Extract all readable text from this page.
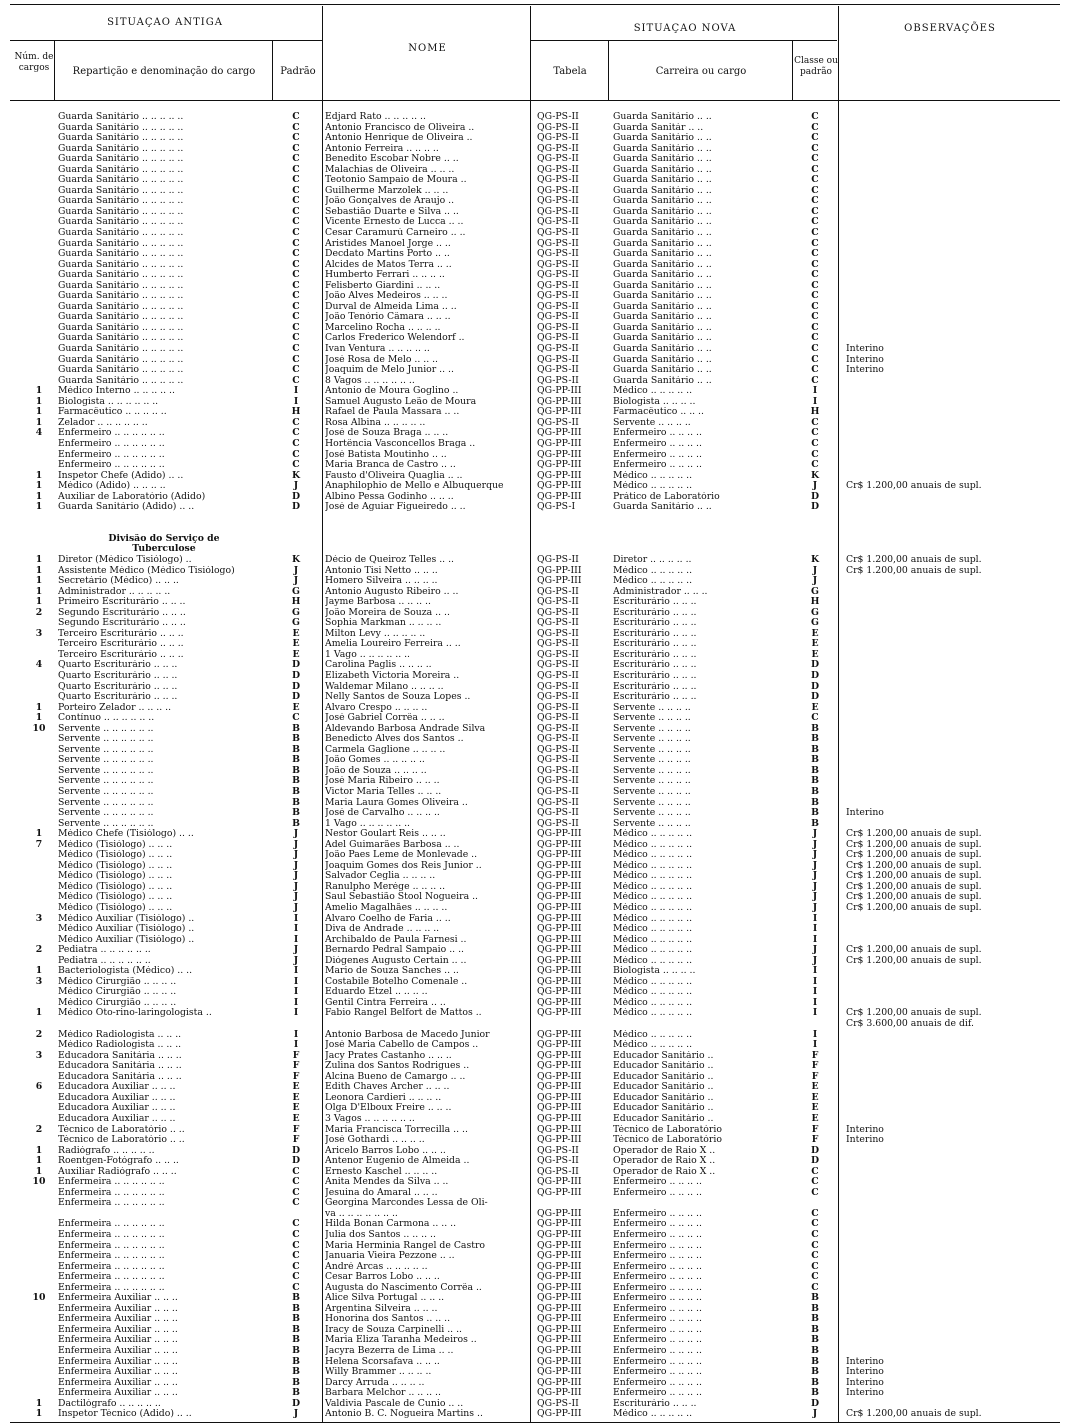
SITUAÇAO ANTIGA
NOME
SITUAÇAO NOVA	OBSERVAÇÕES
Núm. de cargos	Repartição e denominação do cargo	Padrão	Tabela	Carreira ou cargo
Classe ou padrão
Guarda Sanitário .. .. .. .. ..	C	Edjard Rato .. .. .. .. ..	QG-PS-II	Guarda Sanitário .. ..	C
Guarda Sanitário .. .. .. .. ..	C	Antonio Francisco de Oliveira ..	QG-PS-II	Guarda Sanitár .. ..	C
Guarda Sanitário .. .. .. .. ..	C	Antonio Henrique de Oliveira ..	QG-PS-II	Guarda Sanitário .. ..	C
Guarda Sanitário .. .. .. .. ..	C	Antonio Ferreira .. .. .. ..	QG-PS-II	Guarda Sanitário .. ..	C
Guarda Sanitário .. .. .. .. ..	C	Benedito Escobar Nobre .. ..	QG-PS-II	Guarda Sanitário .. ..	C
Guarda Sanitário .. .. .. .. ..	C	Malachias de Oliveira .. .. ..	QG-PS-II	Guarda Sanitário .. ..	C
Guarda Sanitário .. .. .. .. ..	C	Teotonio Sampaio de Moura ..	QG-PS-II	Guarda Sanitário .. ..	C
Guarda Sanitário .. .. .. .. ..	C	Guilherme Marzolek .. .. ..	QG-PS-II	Guarda Sanitário .. ..	C
Guarda Sanitário .. .. .. .. ..	C	João Gonçalves de Araujo ..	QG-PS-II	Guarda Sanitário .. ..	C
Guarda Sanitário .. .. .. .. ..	C	Sebastião Duarte e Silva .. ..	QG-PS-II	Guarda Sanitário .. ..	C
Guarda Sanitário .. .. .. .. ..	C	Vicente Ernesto de Lucca .. ..	QG-PS-II	Guarda Sanitário .. ..	C
Guarda Sanitário .. .. .. .. ..	C	Cesar Caramurú Carneiro .. ..	QG-PS-II	Guarda Sanitário .. ..	C
Guarda Sanitário .. .. .. .. ..	C	Aristides Manoel Jorge .. ..	QG-PS-II	Guarda Sanitário .. ..	C
Guarda Sanitário .. .. .. .. ..	C	Decdato Martins Porto .. ..	QG-PS-II	Guarda Sanitário .. ..	C
Guarda Sanitário .. .. .. .. ..	C	Alcides de Matos Terra .. ..	QG-PS-II	Guarda Sanitário .. ..	C
Guarda Sanitário .. .. .. .. ..	C	Humberto Ferrari .. .. .. ..	QG-PS-II	Guarda Sanitário .. ..	C
Guarda Sanitário .. .. .. .. ..	C	Felisberto Giardini .. .. ..	QG-PS-II	Guarda Sanitário .. ..	C
Guarda Sanitário .. .. .. .. ..	C	João Alves Medeiros .. .. ..	QG-PS-II	Guarda Sanitário .. ..	C
Guarda Sanitário .. .. .. .. ..	C	Durval de Almeida Lima .. ..	QG-PS-II	Guarda Sanitário .. ..	C
Guarda Sanitário .. .. .. .. ..	C	João Tenório Câmara .. .. ..	QG-PS-II	Guarda Sanitário .. ..	C
Guarda Sanitário .. .. .. .. ..	C	Marcelino Rocha .. .. .. ..	QG-PS-II	Guarda Sanitário .. ..	C
Guarda Sanitário .. .. .. .. ..	C	Carlos Frederico Welendorf ..	QG-PS-II	Guarda Sanitário .. ..	C
Guarda Sanitário .. .. .. .. ..	C	Ivan Ventura .. .. .. .. ..	QG-PS-II	Guarda Sanitário .. ..	C	Interino
Guarda Sanitário .. .. .. .. ..	C	José Rosa de Melo .. .. ..	QG-PS-II	Guarda Sanitário .. ..	C	Interino
Guarda Sanitário .. .. .. .. ..	C	Joaquim de Melo Junior .. ..	QG-PS-II	Guarda Sanitário .. ..	C	Interino
Guarda Sanitário .. .. .. .. ..	C	8 Vagos .. .. .. .. .. ..	QG-PS-II	Guarda Sanitário .. ..	C
1	Médico Interno .. .. .. .. ..	I	Antonio de Moura Goglino ..	QG-PP-III	Médico .. .. .. .. ..	I
1	Biologista .. .. .. .. .. ..	I	Samuel Augusto Leão de Moura	QG-PP-III	Biologista .. .. .. ..	I
1	Farmacêutico .. .. .. .. ..	H	Rafael de Paula Massara .. ..	QG-PP-III	Farmacêutico .. .. ..	H
1	Zelador .. .. .. .. .. ..	C	Rosa Albina .. .. .. .. ..	QG-PS-II	Servente .. .. .. ..	C
4	Enfermeiro .. .. .. .. .. ..	C	José de Souza Braga .. .. ..	QG-PP-III	Enfermeiro .. .. .. ..	C
Enfermeiro .. .. .. .. .. ..	C	Hortência Vasconcellos Braga ..	QG-PP-III	Enfermeiro .. .. .. ..	C
Enfermeiro .. .. .. .. .. ..	C	José Batista Moutinho .. ..	QG-PP-III	Enfermeiro .. .. .. ..	C
Enfermeiro .. .. .. .. .. ..	C	Maria Branca de Castro .. ..	QG-PP-III	Enfermeiro .. .. .. ..	C
1	Inspetor Chefe (Adido) .. ..	K	Fausto d'Oliveira Quaglia .. ..	QG-PP-III	Médico .. .. .. .. ..	K
1	Médico (Adido) .. .. .. ..	J	Anaphilophio de Mello e Albuquerque	QG-PP-III	Médico .. .. .. .. ..	J	Cr$ 1.200,00 anuais de supl.
1	Auxiliar de Laboratório (Adido)	D	Albino Pessa Godinho .. .. ..	QG-PP-III	Prático de Laboratório	D
1	Guarda Sanitário (Adido) .. ..	D	José de Aguiar Figueiredo .. ..	QG-PS-I	Guarda Sanitário .. ..	D
Divisão do Serviço de
Tuberculose
1	Diretor (Médico Tisiólogo) ..	K	Décio de Queiroz Telles .. ..	QG-PS-II	Diretor .. .. .. .. ..	K	Cr$ 1.200,00 anuais de supl.
1	Assistente Médico (Médico Tisiólogo)	J	Antonio Tisi Netto .. .. ..	QG-PP-III	Médico .. .. .. .. ..	J	Cr$ 1.200,00 anuais de supl.
1	Secretário (Médico) .. .. ..	J	Homero Silveira .. .. .. ..	QG-PP-III	Médico .. .. .. .. ..	J
1	Administrador .. .. .. .. ..	G	Antonio Augusto Ribeiro .. ..	QG-PS-II	Administrador .. .. ..	G
1	Primeiro Escriturário .. .. ..	H	Jayme Barbosa .. .. .. ..	QG-PS-II	Escriturário .. .. ..	H
2	Segundo Escriturário .. .. ..	G	João Moreira de Souza .. ..	QG-PS-II	Escriturário .. .. ..	G
Segundo Escriturário .. .. ..	G	Sophia Markman .. .. .. ..	QG-PS-II	Escriturário .. .. ..	G
3	Terceiro Escriturário .. .. ..	E	Milton Levy .. .. .. .. ..	QG-PS-II	Escriturário .. .. ..	E
Terceiro Escriturário .. .. ..	E	Amelia Loureiro Ferreira .. ..	QG-PS-II	Escriturário .. .. ..	E
Terceiro Escriturário .. .. ..	E	1 Vago .. .. .. .. .. ..	QG-PS-II	Escriturário .. .. ..	E
4	Quarto Escriturário .. .. ..	D	Carolina Paglis .. .. .. ..	QG-PS-II	Escriturário .. .. ..	D
Quarto Escriturário .. .. ..	D	Elizabeth Victoria Moreira ..	QG-PS-II	Escriturário .. .. ..	D
Quarto Escriturário .. .. ..	D	Waldemar Milano .. .. .. ..	QG-PS-II	Escriturário .. .. ..	D
Quarto Escriturário .. .. ..	D	Nelly Santos de Souza Lopes ..	QG-PS-II	Escriturário .. .. ..	D
1	Porteiro Zelador .. .. .. ..	E	Alvaro Crespo .. .. .. ..	QG-PS-II	Servente .. .. .. ..	E
1	Contínuo .. .. .. .. .. ..	C	José Gabriel Corrêa .. .. ..	QG-PS-II	Servente .. .. .. ..	C
10	Servente .. .. .. .. .. ..	B	Aldevando Barbosa Andrade Silva	QG-PS-II	Servente .. .. .. ..	B
Servente .. .. .. .. .. ..	B	Benedicto Alves dos Santos ..	QG-PS-II	Servente .. .. .. ..	B
Servente .. .. .. .. .. ..	B	Carmela Gaglione .. .. .. ..	QG-PS-II	Servente .. .. .. ..	B
Servente .. .. .. .. .. ..	B	João Gomes .. .. .. .. ..	QG-PS-II	Servente .. .. .. ..	B
Servente .. .. .. .. .. ..	B	João de Souza .. .. .. ..	QG-PS-II	Servente .. .. .. ..	B
Servente .. .. .. .. .. ..	B	José Maria Ribeiro .. .. ..	QG-PS-II	Servente .. .. .. ..	B
Servente .. .. .. .. .. ..	B	Victor Maria Telles .. .. ..	QG-PS-II	Servente .. .. .. ..	B
Servente .. .. .. .. .. ..	B	Maria Laura Gomes Oliveira ..	QG-PS-II	Servente .. .. .. ..	B
Servente .. .. .. .. .. ..	B	José de Carvalho .. .. .. ..	QG-PS-II	Servente .. .. .. ..	B	Interino
Servente .. .. .. .. .. ..	B	1 Vago .. .. .. .. .. ..	QG-PS-II	Servente .. .. .. ..	B
1	Médico Chefe (Tisiólogo) .. ..	J	Nestor Goulart Reis .. .. ..	QG-PP-III	Médico .. .. .. .. ..	J	Cr$ 1.200,00 anuais de supl.
7	Médico (Tisiólogo) .. .. ..	J	Adel Guimarães Barbosa .. ..	QG-PP-III	Médico .. .. .. .. ..	J	Cr$ 1.200,00 anuais de supl.
Médico (Tisiólogo) .. .. ..	J	João Paes Leme de Monlevade ..	QG-PP-III	Médico .. .. .. .. ..	J	Cr$ 1.200,00 anuais de supl.
Médico (Tisiólogo) .. .. ..	J	Joaquim Gomes dos Reis Junior ..	QG-PP-III	Médico .. .. .. .. ..	J	Cr$ 1.200,00 anuais de supl.
Médico (Tisiólogo) .. .. ..	J	Salvador Ceglia .. .. .. ..	QG-PP-III	Médico .. .. .. .. ..	J	Cr$ 1.200,00 anuais de supl.
Médico (Tisiólogo) .. .. ..	J	Ranulpho Merége .. .. .. ..	QG-PP-III	Médico .. .. .. .. ..	J	Cr$ 1.200,00 anuais de supl.
Médico (Tisiólogo) .. .. ..	J	Saul Sebastião Stool Nogueira ..	QG-PP-III	Médico .. .. .. .. ..	J	Cr$ 1.200,00 anuais de supl.
Médico (Tisiólogo) .. .. ..	J	Amelio Magalhães .. .. .. ..	QG-PP-III	Médico .. .. .. .. ..	J	Cr$ 1.200,00 anuais de supl.
3	Médico Auxiliar (Tisiólogo) ..	I	Alvaro Coelho de Faria .. ..	QG-PP-III	Médico .. .. .. .. ..	I
Médico Auxiliar (Tisiólogo) ..	I	Diva de Andrade .. .. .. ..	QG-PP-III	Médico .. .. .. .. ..	I
Médico Auxiliar (Tisiólogo) ..	I	Archibaldo de Paula Farnesi ..	QG-PP-III	Médico .. .. .. .. ..	I
2	Pediatra .. .. .. .. .. ..	J	Bernardo Pedral Sampaio .. ..	QG-PP-III	Médico .. .. .. .. ..	J	Cr$ 1.200,00 anuais de supl.
Pediatra .. .. .. .. .. ..	J	Diógenes Augusto Certain .. ..	QG-PP-III	Médico .. .. .. .. ..	J	Cr$ 1.200,00 anuais de supl.
1	Bacteriologista (Médico) .. ..	I	Mario de Souza Sanches .. ..	QG-PP-III	Biologista .. .. .. ..	I
3	Médico Cirurgião .. .. .. ..	I	Costabile Botelho Comenale ..	QG-PP-III	Médico .. .. .. .. ..	I
Médico Cirurgião .. .. .. ..	I	Eduardo Etzel .. .. .. ..	QG-PP-III	Médico .. .. .. .. ..	I
Médico Cirurgião .. .. .. ..	I	Gentil Cintra Ferreira .. ..	QG-PP-III	Médico .. .. .. .. ..	I
1	Médico Oto-rino-laringologista ..	I	Fabio Rangel Belfort de Mattos ..	QG-PP-III	Médico .. .. .. .. ..	I	Cr$ 1.200,00 anuais de supl.
Cr$ 3.600,00 anuais de dif.
2	Médico Radiologista .. .. ..	I	Antonio Barbosa de Macedo Junior	QG-PP-III	Médico .. .. .. .. ..	I
Médico Radiologista .. .. ..	I	José Maria Cabello de Campos ..	QG-PP-III	Médico .. .. .. .. ..	I
3	Educadora Sanitária .. .. ..	F	Jacy Prates Castanho .. .. ..	QG-PP-III	Educador Sanitário ..	F
Educadora Sanitária .. .. ..	F	Zulina dos Santos Rodrigues ..	QG-PP-III	Educador Sanitário ..	F
Educadora Sanitária .. .. ..	F	Alcina Bueno de Camargo .. ..	QG-PP-III	Educador Sanitário ..	F
6	Educadora Auxiliar .. .. ..	E	Edith Chaves Archer .. .. ..	QG-PP-III	Educador Sanitário ..	E
Educadora Auxiliar .. .. ..	E	Leonora Cardieri .. .. .. ..	QG-PP-III	Educador Sanitário ..	E
Educadora Auxiliar .. .. ..	E	Olga D'Elboux Freire .. .. ..	QG-PP-III	Educador Sanitário ..	E
Educadora Auxiliar .. .. ..	E	3 Vagos .. .. .. .. .. ..	QG-PP-III	Educador Sanitário ..	E
2	Técnico de Laboratório .. ..	F	Maria Francisca Torrecilla .. ..	QG-PP-III	Técnico de Laboratório	F	Interino
Técnico de Laboratório .. ..	F	José Gothardi .. .. .. ..	QG-PP-III	Técnico de Laboratório	F	Interino
1	Radiógrafo .. .. .. .. ..	D	Aricelo Barros Lobo .. .. ..	QG-PS-II	Operador de Raio X ..	D
1	Roentgen-Fotógrafo .. .. ..	D	Antenor Eugenio de Almeida ..	QG-PS-II	Operador de Raio X ..	D
1	Auxiliar Radiógrafo .. .. ..	C	Ernesto Kaschel .. .. .. ..	QG-PS-II	Operador de Raio X ..	C
10	Enfermeira .. .. .. .. .. ..	C	Anita Mendes da Silva .. ..	QG-PP-III	Enfermeiro .. .. .. ..	C
Enfermeira .. .. .. .. .. ..	C	Jesuina do Amaral .. .. ..	QG-PP-III	Enfermeiro .. .. .. ..	C
Enfermeira .. .. .. .. .. ..	C	Georgina Marcondes Lessa de Oli-
va .. .. .. .. .. .. ..	QG-PP-III	Enfermeiro .. .. .. ..	C
Enfermeira .. .. .. .. .. ..	C	Hilda Bonan Carmona .. .. ..	QG-PP-III	Enfermeiro .. .. .. ..	C
Enfermeira .. .. .. .. .. ..	C	Julia dos Santos .. .. .. ..	QG-PP-III	Enfermeiro .. .. .. ..	C
Enfermeira .. .. .. .. .. ..	C	Maria Herminia Rangel de Castro	QG-PP-III	Enfermeiro .. .. .. ..	C
Enfermeira .. .. .. .. .. ..	C	Januaria Vieira Pezzone .. ..	QG-PP-III	Enfermeiro .. .. .. ..	C
Enfermeira .. .. .. .. .. ..	C	André Arcas .. .. .. .. ..	QG-PP-III	Enfermeiro .. .. .. ..	C
Enfermeira .. .. .. .. .. ..	C	Cesar Barros Lobo .. .. ..	QG-PP-III	Enfermeiro .. .. .. ..	C
Enfermeira .. .. .. .. .. ..	C	Augusta do Nascimento Corrêa ..	QG-PP-III	Enfermeiro .. .. .. ..	C
10	Enfermeira Auxiliar .. .. ..	B	Alice Silva Portugal .. .. ..	QG-PP-III	Enfermeiro .. .. .. ..	B
Enfermeira Auxiliar .. .. ..	B	Argentina Silveira .. .. ..	QG-PP-III	Enfermeiro .. .. .. ..	B
Enfermeira Auxiliar .. .. ..	B	Honorina dos Santos .. .. ..	QG-PP-III	Enfermeiro .. .. .. ..	B
Enfermeira Auxiliar .. .. ..	B	Iracy de Souza Carpinelli .. ..	QG-PP-III	Enfermeiro .. .. .. ..	B
Enfermeira Auxiliar .. .. ..	B	Maria Eliza Taranha Medeiros ..	QG-PP-III	Enfermeiro .. .. .. ..	B
Enfermeira Auxiliar .. .. ..	B	Jacyra Bezerra de Lima .. ..	QG-PP-III	Enfermeiro .. .. .. ..	B
Enfermeira Auxiliar .. .. ..	B	Helena Scorsafava .. .. ..	QG-PP-III	Enfermeiro .. .. .. ..	B	Interino
Enfermeira Auxiliar .. .. ..	B	Willy Brammer .. .. .. ..	QG-PP-III	Enfermeiro .. .. .. ..	B	Interino
Enfermeira Auxiliar .. .. ..	B	Darcy Arruda .. .. .. ..	QG-PP-III	Enfermeiro .. .. .. ..	B	Interino
Enfermeira Auxiliar .. .. ..	B	Barbara Melchor .. .. .. ..	QG-PP-III	Enfermeiro .. .. .. ..	B	Interino
1	Dactilógrafo .. .. .. .. ..	D	Valdivia Pascale de Cunio .. ..	QG-PS-II	Escriturário .. .. ..	D
1	Inspetor Técnico (Adido) .. ..	J	Antonio B. C. Nogueira Martins ..	QG-PP-III	Médico .. .. .. .. ..	J	Cr$ 1.200,00 anuais de supl.
